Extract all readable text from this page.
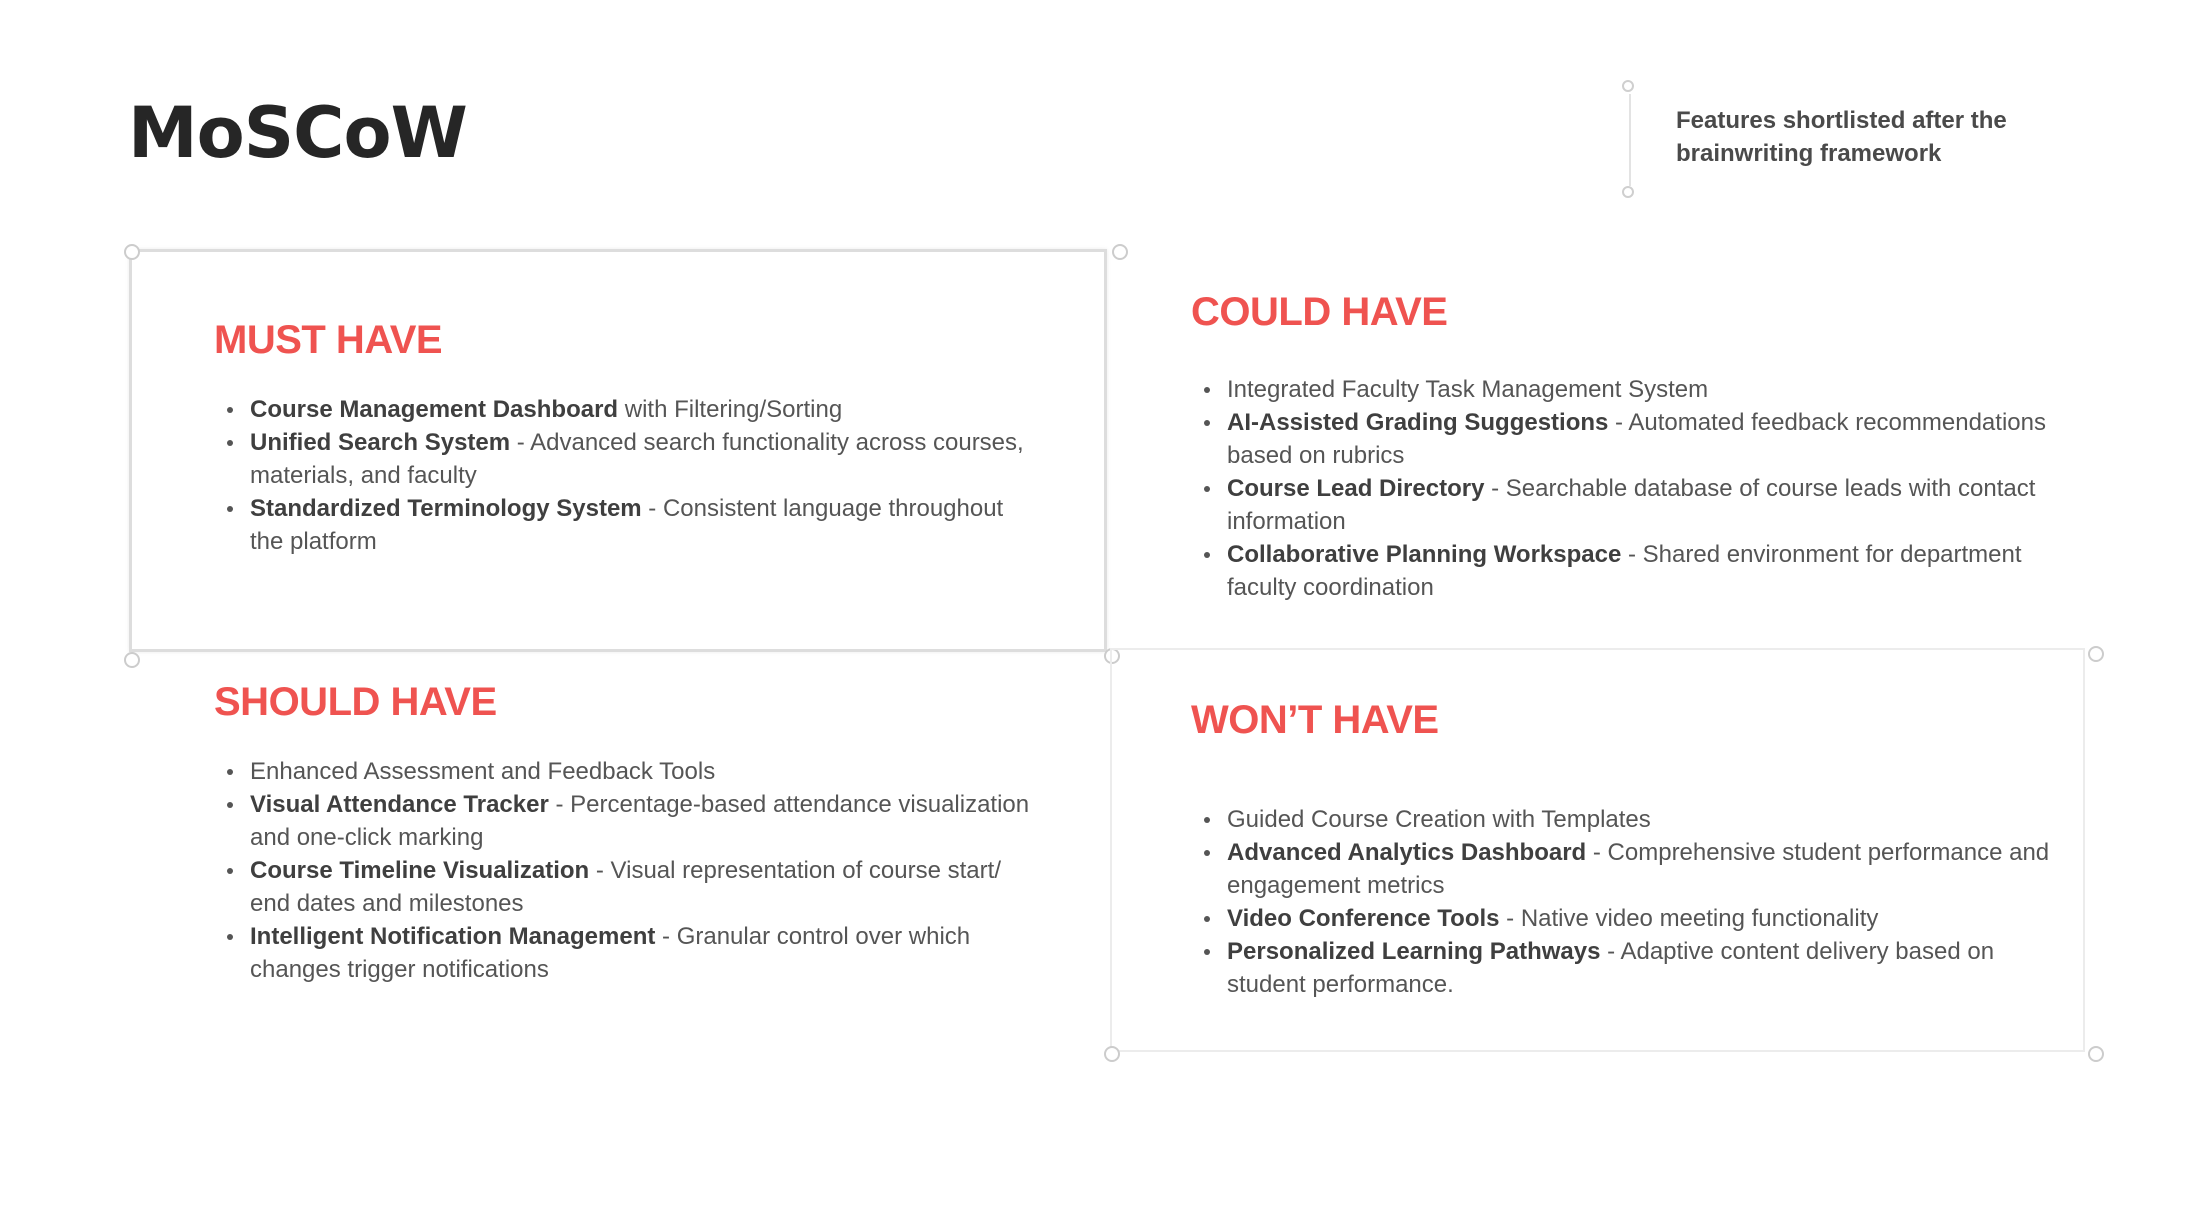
MoSCoW	Features shortlisted after the brainwriting framework

MUST HAVE
Course Management Dashboard with Filtering/Sorting
Unified Search System - Advanced search functionality across courses, materials, and faculty
Standardized Terminology System - Consistent language throughout the platform
SHOULD HAVE
Enhanced Assessment and Feedback Tools
Visual Attendance Tracker - Percentage-based attendance visualization and one-click marking
Course Timeline Visualization - Visual representation of course start/ end dates and milestones
Intelligent Notification Management - Granular control over which changes trigger notifications
COULD HAVE
Integrated Faculty Task Management System
AI-Assisted Grading Suggestions - Automated feedback recommendations based on rubrics
Course Lead Directory - Searchable database of course leads with contact information
Collaborative Planning Workspace - Shared environment for department faculty coordination
WON’T HAVE
Guided Course Creation with Templates
Advanced Analytics Dashboard - Comprehensive student performance and engagement metrics
Video Conference Tools - Native video meeting functionality
Personalized Learning Pathways - Adaptive content delivery based on student performance.
